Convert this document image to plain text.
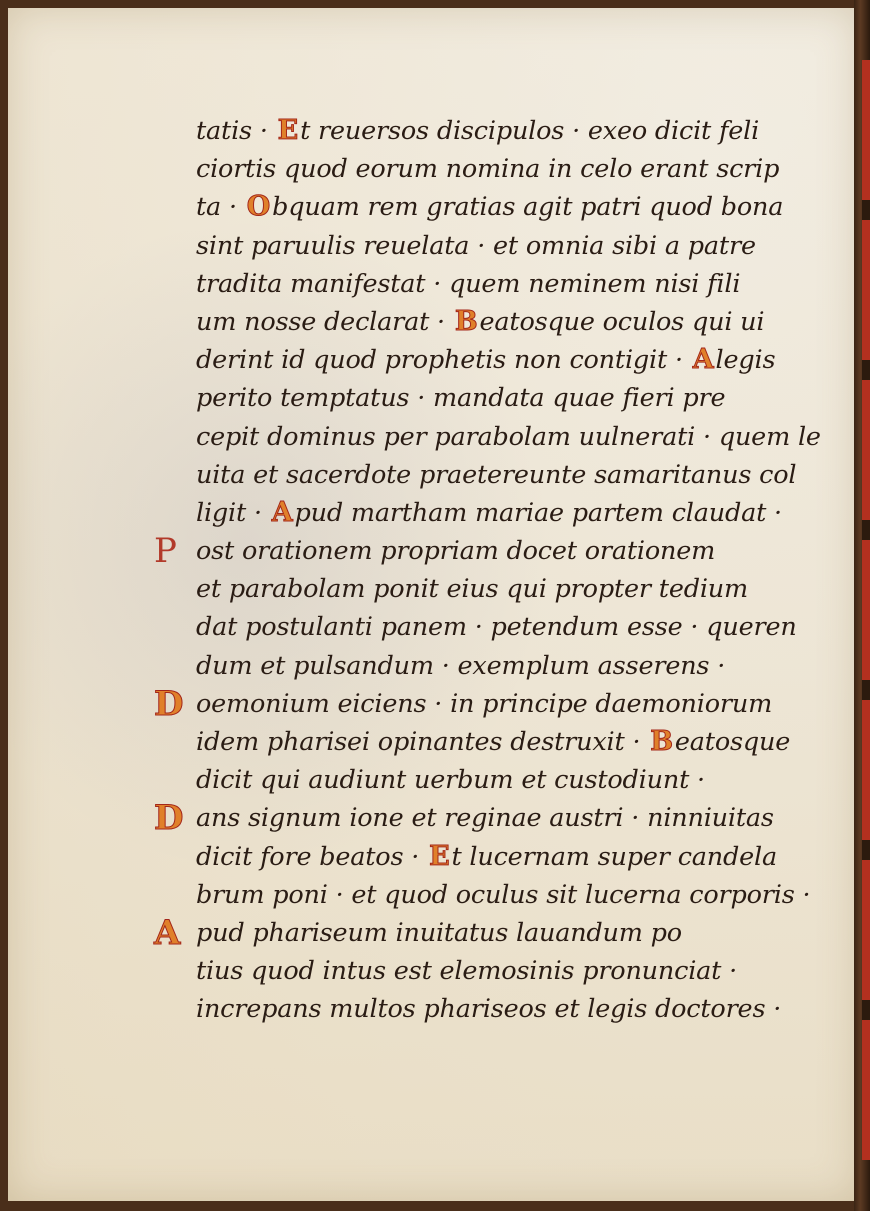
tatis · Et reuersos discipulos · exeo dicit feli
ciortis quod eorum nomina in celo erant scrip
ta · Obquam rem gratias agit patri quod bona
sint paruulis reuelata · et omnia sibi a patre
tradita manifestat · quem neminem nisi fili
um nosse declarat · Beatosque oculos qui ui
derint id quod prophetis non contigit · Alegis
perito temptatus · mandata quae fieri pre
cepit dominus per parabolam uulnerati · quem le
uita et sacerdote praetereunte samaritanus col
ligit · Apud martham mariae partem claudat ·
P ost orationem propriam docet orationem
et parabolam ponit eius qui propter tedium
dat postulanti panem · petendum esse · queren
dum et pulsandum · exemplum asserens ·
D oemonium eiciens · in principe daemoniorum
idem pharisei opinantes destruxit · Beatosque
dicit qui audiunt uerbum et custodiunt ·
D ans signum ione et reginae austri · ninniuitas
dicit fore beatos · Et lucernam super candela
brum poni · et quod oculus sit lucerna corporis ·
A pud phariseum inuitatus lauandum po
tius quod intus est elemosinis pronunciat ·
increpans multos phariseos et legis doctores ·
